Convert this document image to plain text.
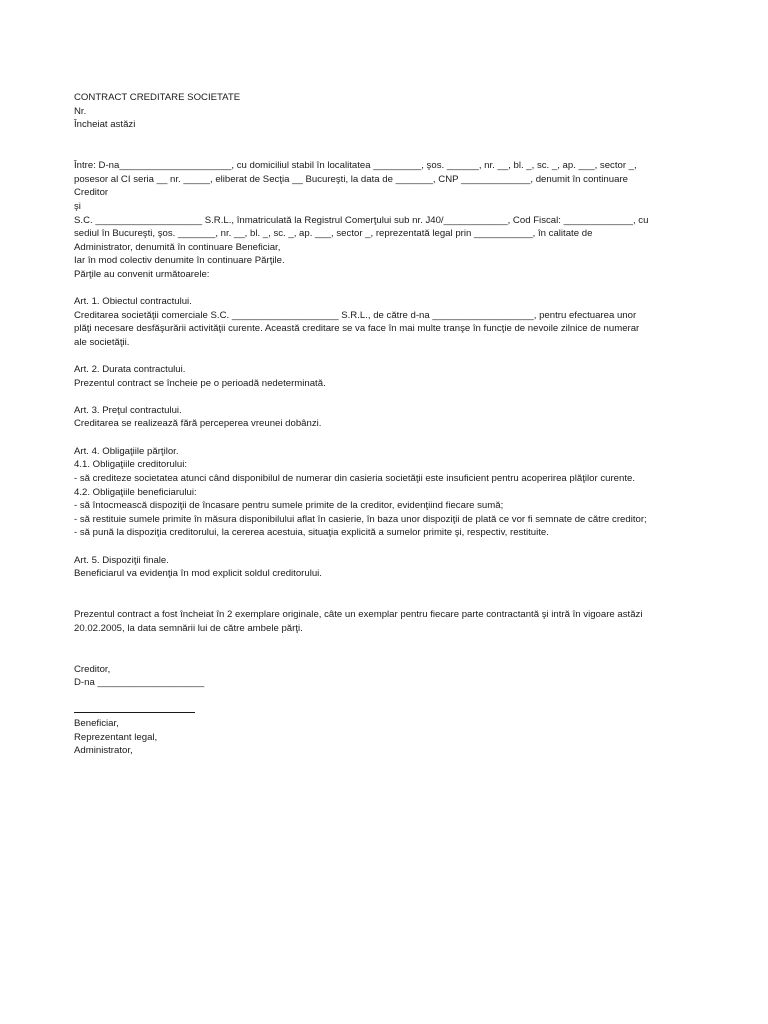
CONTRACT CREDITARE SOCIETATE
Nr.
Încheiat astăzi
Între: D-na_____________________, cu domiciliul stabil în localitatea _________, şos. ______, nr. __, bl. _, sc. _, ap. ___, sector _,
posesor al CI seria __ nr. _____, eliberat de Secţia __ Bucureşti, la data de _______, CNP _____________, denumit în continuare
Creditor
şi
S.C. ____________________ S.R.L., înmatriculată la Registrul Comerţului sub nr. J40/____________, Cod Fiscal: _____________, cu
sediul în Bucureşti, şos. _______, nr. __, bl. _, sc. _, ap. ___, sector _, reprezentată legal prin ___________, în calitate de
Administrator, denumită în continuare Beneficiar,
Iar în mod colectiv denumite în continuare Părţile.
Părţile au convenit următoarele:
Art. 1. Obiectul contractului.
Creditarea societăţii comerciale S.C. ____________________ S.R.L., de către d-na ___________________, pentru efectuarea unor
plăţi necesare desfăşurării activităţii curente. Această creditare se va face în mai multe tranşe în funcţie de nevoile zilnice de numerar
ale societăţii.
Art. 2. Durata contractului.
Prezentul contract se încheie pe o perioadă nedeterminată.
Art. 3. Preţul contractului.
Creditarea se realizează fără perceperea vreunei dobânzi.
Art. 4. Obligaţiile părţilor.
4.1. Obligaţiile creditorului:
- să crediteze societatea atunci când disponibilul de numerar din casieria societăţii este insuficient pentru acoperirea plăţilor curente.
4.2. Obligaţiile beneficiarului:
- să întocmească dispoziţii de încasare pentru sumele primite de la creditor, evidenţiind fiecare sumă;
- să restituie sumele primite în măsura disponibilului aflat în casierie, în baza unor dispoziţii de plată ce vor fi semnate de către creditor;
- să pună la dispoziţia creditorului, la cererea acestuia, situaţia explicită a sumelor primite şi, respectiv, restituite.
Art. 5. Dispoziţii finale.
Beneficiarul va evidenţia în mod explicit soldul creditorului.
Prezentul contract a fost încheiat în 2 exemplare originale, câte un exemplar pentru fiecare parte contractantă şi intră în vigoare astăzi
20.02.2005, la data semnării lui de către ambele părţi.
Creditor,
D-na ____________________
Beneficiar,
Reprezentant legal,
Administrator,
